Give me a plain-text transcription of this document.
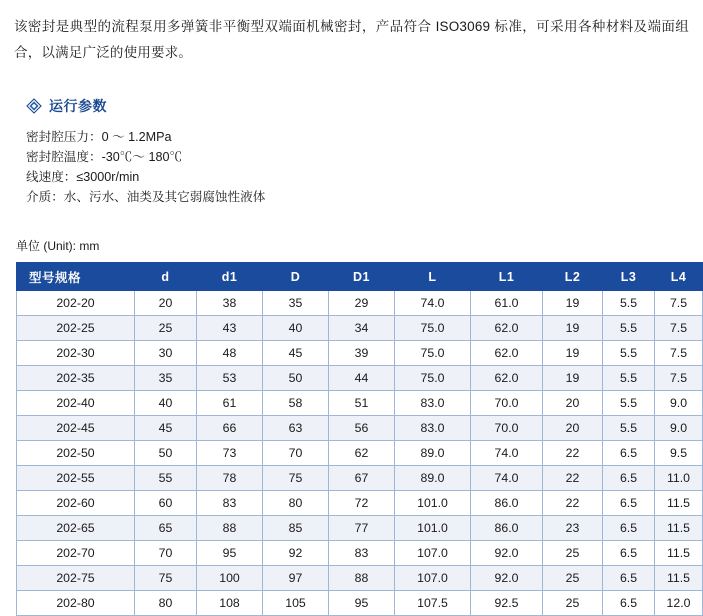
该密封是典型的流程泵用多弹簧非平衡型双端面机械密封，产品符合 ISO3069 标准，可采用各种材料及端面组合，以满足广泛的使用要求。

运行参数
密封腔压力：0 ～ 1.2MPa
密封腔温度：-30℃～ 180℃
线速度：≤3000r/min
介质：水、污水、油类及其它弱腐蚀性液体
单位 (Unit): mm
型号规格	d	d1	D	D1	L	L1	L2	L3	L4
202-20	20	38	35	29	74.0	61.0	19	5.5	7.5
202-25	25	43	40	34	75.0	62.0	19	5.5	7.5
202-30	30	48	45	39	75.0	62.0	19	5.5	7.5
202-35	35	53	50	44	75.0	62.0	19	5.5	7.5
202-40	40	61	58	51	83.0	70.0	20	5.5	9.0
202-45	45	66	63	56	83.0	70.0	20	5.5	9.0
202-50	50	73	70	62	89.0	74.0	22	6.5	9.5
202-55	55	78	75	67	89.0	74.0	22	6.5	11.0
202-60	60	83	80	72	101.0	86.0	22	6.5	11.5
202-65	65	88	85	77	101.0	86.0	23	6.5	11.5
202-70	70	95	92	83	107.0	92.0	25	6.5	11.5
202-75	75	100	97	88	107.0	92.0	25	6.5	11.5
202-80	80	108	105	95	107.5	92.5	25	6.5	12.0
